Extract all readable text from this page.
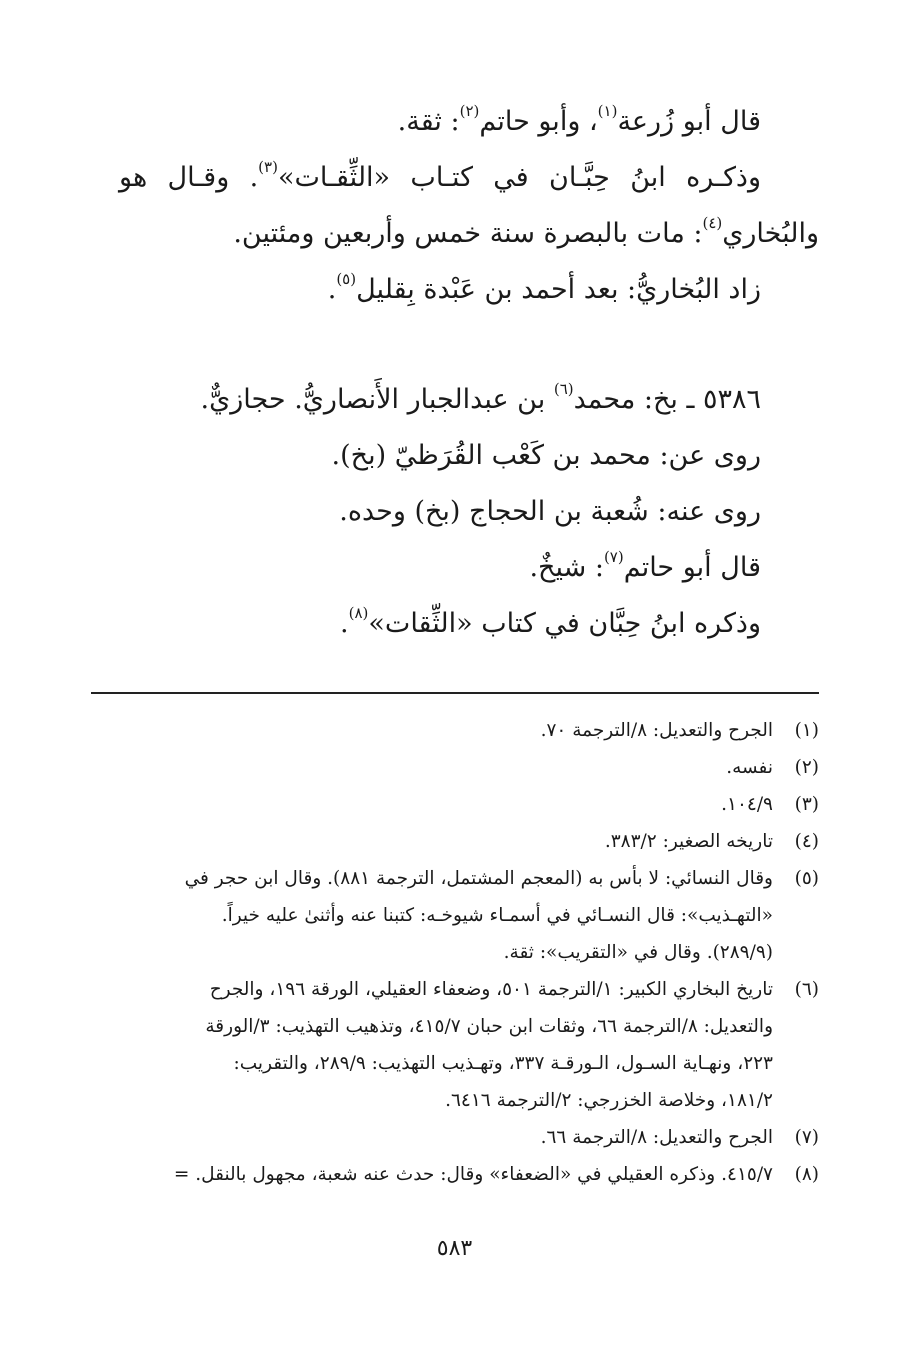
قال أبو زُرعة$^{(١)}$، وأبو حاتم$^{(٢)}$: ثقة.
وذكـره ابنُ حِبَّـان في كتـاب «الثِّقـات»$^{(٣)}$. وقـال هو
والبُخاري$^{(٤)}$: مات بالبصرة سنة خمس وأربعين ومئتين.
زاد البُخاريُّ: بعد أحمد بن عَبْدة بِقليل$^{(٥)}$.
٥٣٨٦ ـ بخ: محمد$^{(٦)}$ بن عبدالجبار الأَنصاريُّ. حجازيٌّ.
روى عن: محمد بن كَعْب القُرَظيّ (بخ).
روى عنه: شُعبة بن الحجاج (بخ) وحده.
قال أبو حاتم$^{(٧)}$: شيخٌ.
وذكره ابنُ حِبَّان في كتاب «الثِّقات»$^{(٨)}$.
(١)
الجرح والتعديل: ٨/الترجمة ٧٠.
(٢)
نفسه.
(٣)
١٠٤/٩.
(٤)
تاريخه الصغير: ٣٨٣/٢.
(٥)
وقال النسائي: لا بأس به (المعجم المشتمل، الترجمة ٨٨١). وقال ابن حجر في
«التهـذيب»: قال النسـائي في أسمـاء شيوخـه: كتبنا عنه وأثنىٰ عليه خيراً.
(٢٨٩/٩). وقال في «التقريب»: ثقة.
(٦)
تاريخ البخاري الكبير: ١/الترجمة ٥٠١، وضعفاء العقيلي، الورقة ١٩٦، والجرح
والتعديل: ٨/الترجمة ٦٦، وثقات ابن حبان ٤١٥/٧، وتذهيب التهذيب: ٣/الورقة
٢٢٣، ونهـاية السـول، الـورقـة ٣٣٧، وتهـذيب التهذيب: ٢٨٩/٩، والتقريب:
١٨١/٢، وخلاصة الخزرجي: ٢/الترجمة ٦٤١٦.
(٧)
الجرح والتعديل: ٨/الترجمة ٦٦.
(٨)
٤١٥/٧. وذكره العقيلي في «الضعفاء» وقال: حدث عنه شعبة، مجهول بالنقل. =
٥٨٣
